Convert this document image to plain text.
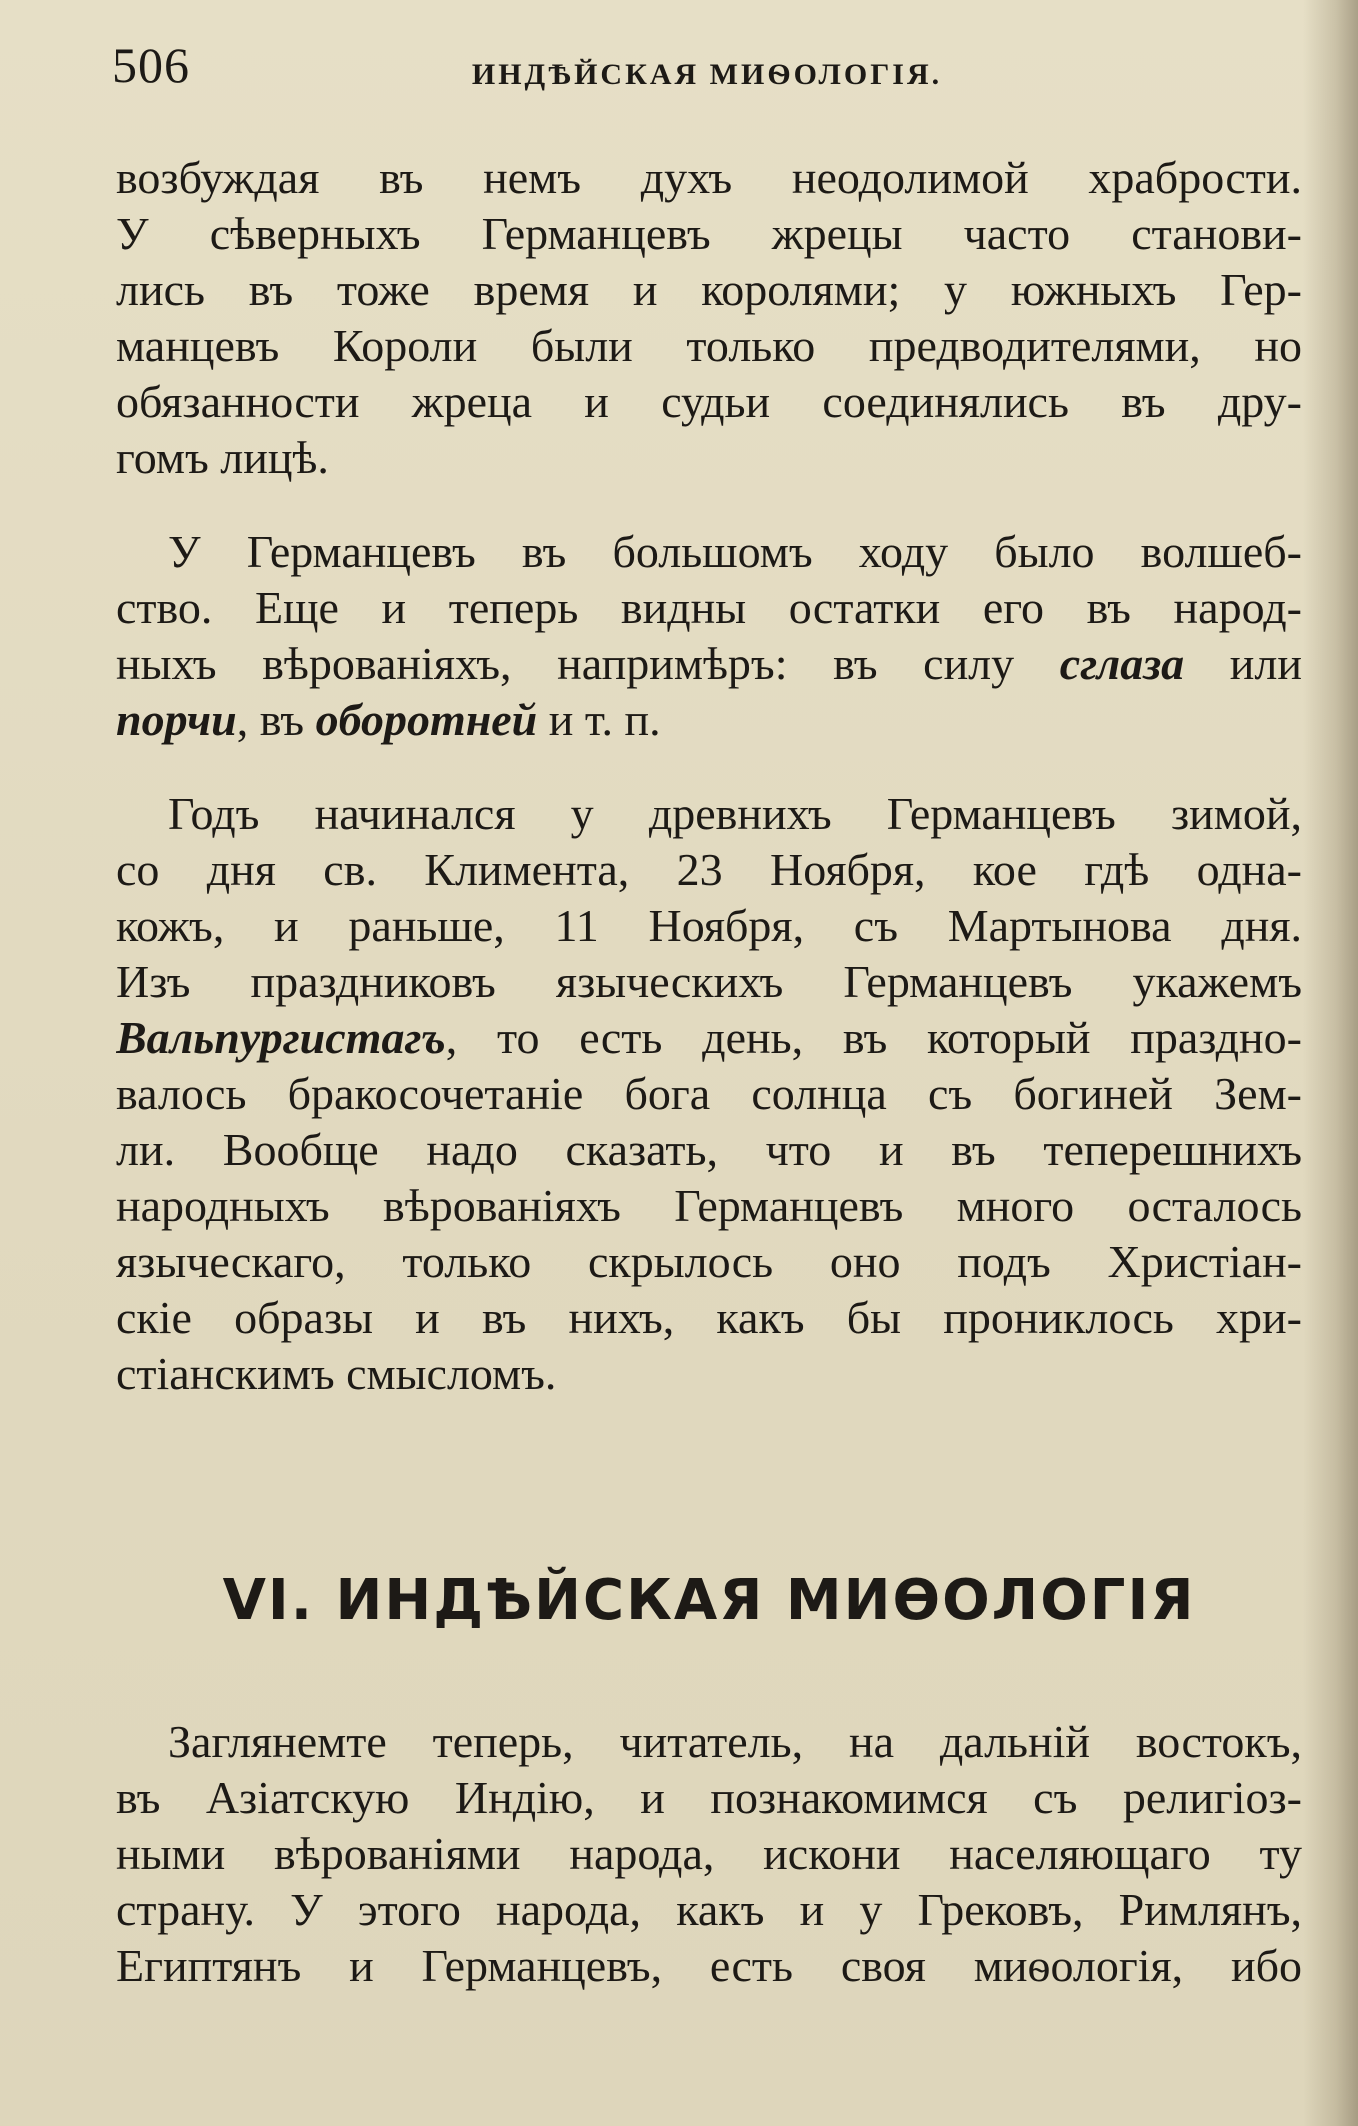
506	ИНДѢЙСКАЯ МИѲОЛОГІЯ.
возбуждая въ немъ духъ неодолимой храбрости.
У сѣверныхъ Германцевъ жрецы часто станови-
лись въ тоже время и королями; у южныхъ Гер-
манцевъ Короли были только предводителями, но
обязанности жреца и судьи соединялись въ дру-
гомъ лицѣ.
У Германцевъ въ большомъ ходу было волшеб-
ство. Еще и теперь видны остатки его въ народ-
ныхъ вѣрованіяхъ, напримѣръ: въ силу сглаза или
порчи, въ оборотней и т. п.
Годъ начинался у древнихъ Германцевъ зимой,
со дня св. Климента, 23 Ноября, кое гдѣ одна-
кожъ, и раньше, 11 Ноября, съ Мартынова дня.
Изъ праздниковъ языческихъ Германцевъ укажемъ
Вальпургистагъ, то есть день, въ который праздно-
валось бракосочетаніе бога солнца съ богиней Зем-
ли. Вообще надо сказать, что и въ теперешнихъ
народныхъ вѣрованіяхъ Германцевъ много осталось
языческаго, только скрылось оно подъ Христіан-
скіе образы и въ нихъ, какъ бы прониклось хри-
стіанскимъ смысломъ.
VI. ИНДѢЙСКАЯ МИѲОЛОГІЯ
Заглянемте теперь, читатель, на дальній востокъ,
въ Азіатскую Индію, и познакомимся съ религіоз-
ными вѣрованіями народа, искони населяющаго ту
страну. У этого народа, какъ и у Грековъ, Римлянъ,
Египтянъ и Германцевъ, есть своя миѳологія, ибо
